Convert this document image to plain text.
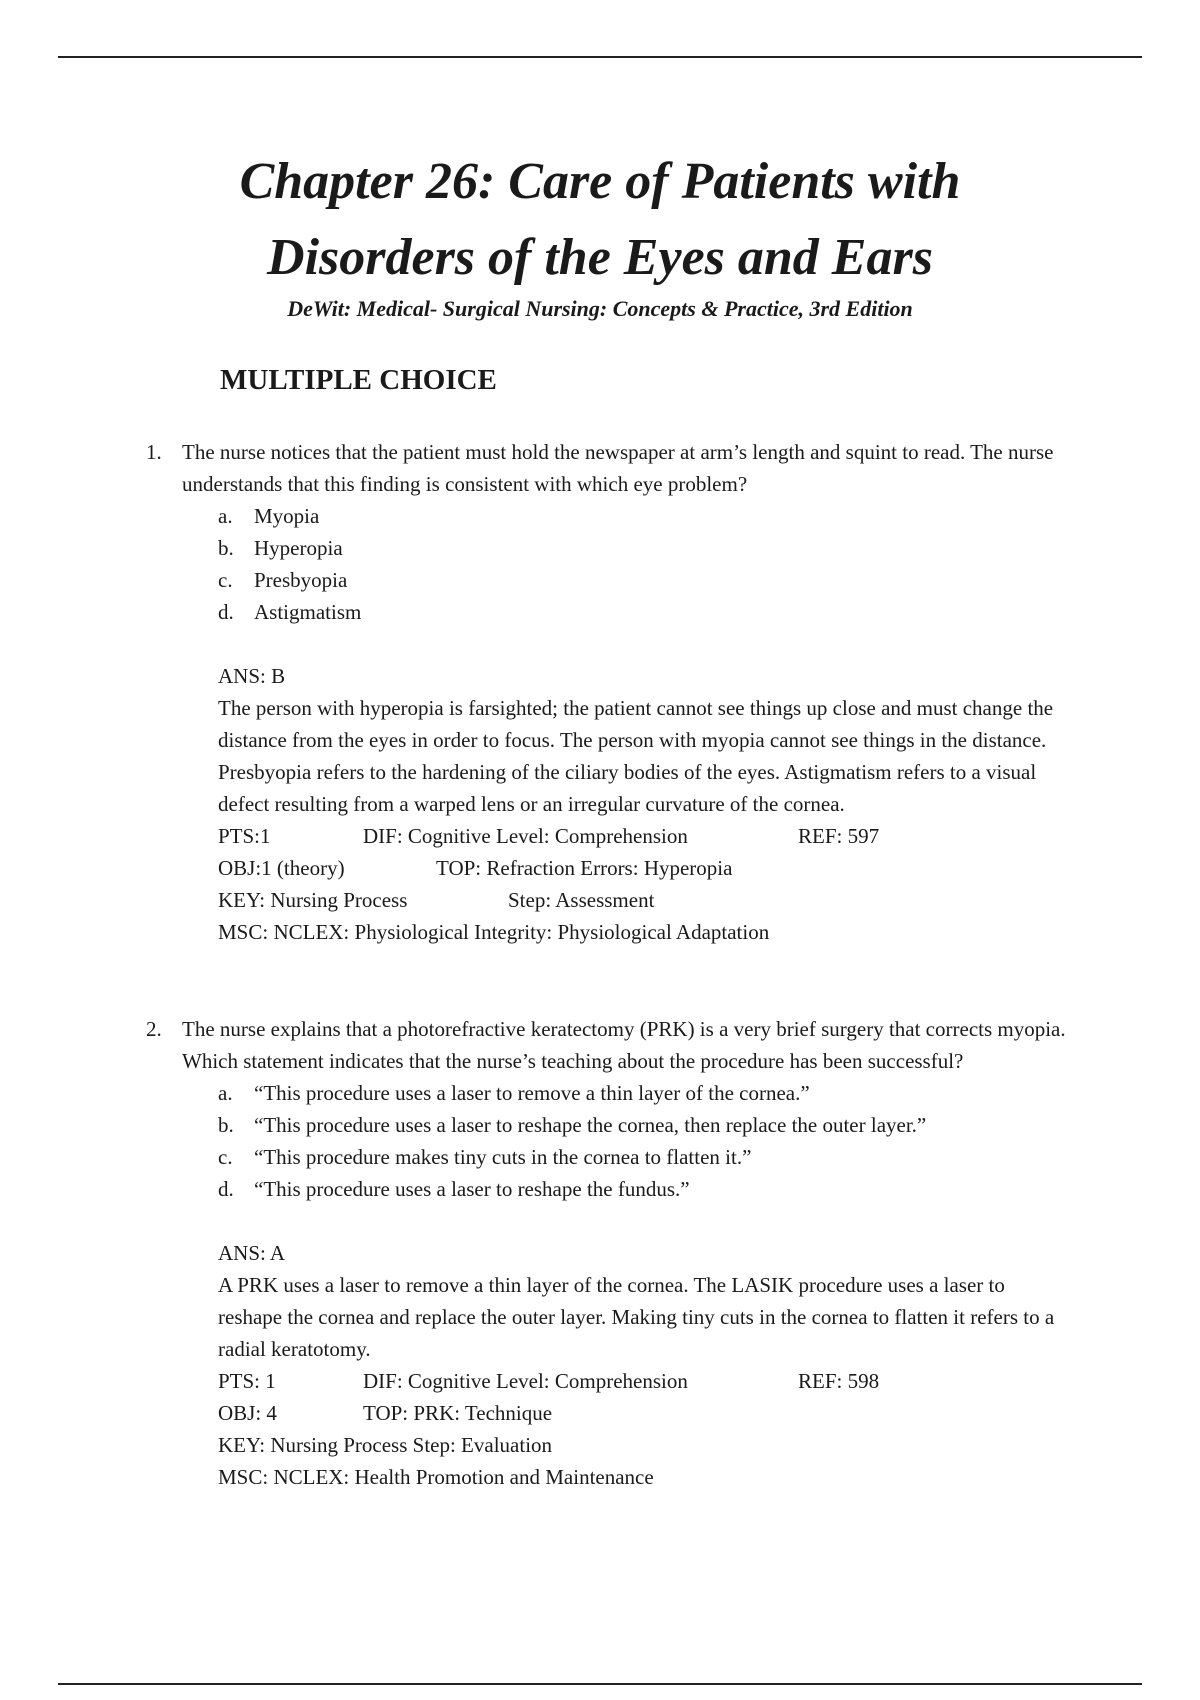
Chapter 26: Care of Patients with
Disorders of the Eyes and Ears

DeWit: Medical- Surgical Nursing: Concepts & Practice, 3rd Edition

MULTIPLE CHOICE
1. The nurse notices that the patient must hold the newspaper at arm’s length and squint to read. The nurse understands that this finding is consistent with which eye problem?
a.	Myopia
b. Hyperopia
c.	Presbyopia
d. Astigmatism
ANS: B
The person with hyperopia is farsighted; the patient cannot see things up close and must change the distance from the eyes in order to focus. The person with myopia cannot see things in the distance. Presbyopia refers to the hardening of the ciliary bodies of the eyes. Astigmatism refers to a visual defect resulting from a warped lens or an irregular curvature of the cornea.
PTS:1	DIF: Cognitive Level: Comprehension	REF: 597
OBJ:1 (theory)	TOP: Refraction Errors: Hyperopia
KEY: Nursing Process	Step: Assessment
MSC: NCLEX: Physiological Integrity: Physiological Adaptation
2. The nurse explains that a photorefractive keratectomy (PRK) is a very brief surgery that corrects myopia. Which statement indicates that the nurse’s teaching about the procedure has been successful?
a.	“This procedure uses a laser to remove a thin layer of the cornea.”
b. “This procedure uses a laser to reshape the cornea, then replace the outer layer.”
c.	“This procedure makes tiny cuts in the cornea to flatten it.”
d. “This procedure uses a laser to reshape the fundus.”
ANS: A
A PRK uses a laser to remove a thin layer of the cornea. The LASIK procedure uses a laser to reshape the cornea and replace the outer layer. Making tiny cuts in the cornea to flatten it refers to a radial keratotomy.
PTS: 1	DIF: Cognitive Level: Comprehension	REF: 598
OBJ: 4	TOP: PRK: Technique
KEY: Nursing Process Step: Evaluation
MSC: NCLEX: Health Promotion and Maintenance
